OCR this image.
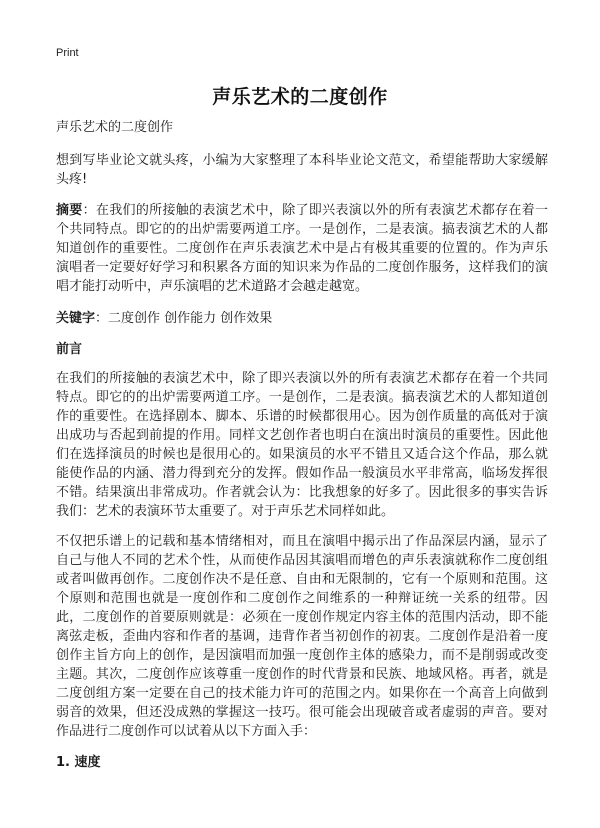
Print
声乐艺术的二度创作

声乐艺术的二度创作

想到写毕业论文就头疼，小编为大家整理了本科毕业论文范文，希望能帮助大家缓解头疼!

摘要：在我们的所接触的表演艺术中，除了即兴表演以外的所有表演艺术都存在着一个共同特点。即它的的出炉需要两道工序。一是创作，二是表演。搞表演艺术的人都知道创作的重要性。二度创作在声乐表演艺术中是占有极其重要的位置的。作为声乐演唱者一定要好好学习和积累各方面的知识来为作品的二度创作服务，这样我们的演唱才能打动听中，声乐演唱的艺术道路才会越走越宽。

关键字：二度创作 创作能力 创作效果

前言

在我们的所接触的表演艺术中，除了即兴表演以外的所有表演艺术都存在着一个共同特点。即它的的出炉需要两道工序。一是创作，二是表演。搞表演艺术的人都知道创作的重要性。在选择剧本、脚本、乐谱的时候都很用心。因为创作质量的高低对于演出成功与否起到前提的作用。同样文艺创作者也明白在演出时演员的重要性。因此他们在选择演员的时候也是很用心的。如果演员的水平不错且又适合这个作品，那么就能使作品的内涵、潜力得到充分的发挥。假如作品一般演员水平非常高，临场发挥很不错。结果演出非常成功。作者就会认为：比我想象的好多了。因此很多的事实告诉我们：艺术的表演环节太重要了。对于声乐艺术同样如此。

不仅把乐谱上的记载和基本情绪相对，而且在演唱中揭示出了作品深层内涵，显示了自己与他人不同的艺术个性，从而使作品因其演唱而增色的声乐表演就称作二度创组或者叫做再创作。二度创作决不是任意、自由和无限制的，它有一个原则和范围。这个原则和范围也就是一度创作和二度创作之间维系的一种辩证统一关系的纽带。因此，二度创作的首要原则就是：必须在一度创作规定内容主体的范围内活动，即不能离弦走板，歪曲内容和作者的基调，违背作者当初创作的初衷。二度创作是沿着一度创作主旨方向上的创作，是因演唱而加强一度创作主体的感染力，而不是削弱或改变主题。其次，二度创作应该尊重一度创作的时代背景和民族、地域风格。再者，就是二度创组方案一定要在自己的技术能力许可的范围之内。如果你在一个高音上向做到弱音的效果，但还没成熟的掌握这一技巧。很可能会出现破音或者虚弱的声音。要对作品进行二度创作可以试着从以下方面入手：

1. 速度
